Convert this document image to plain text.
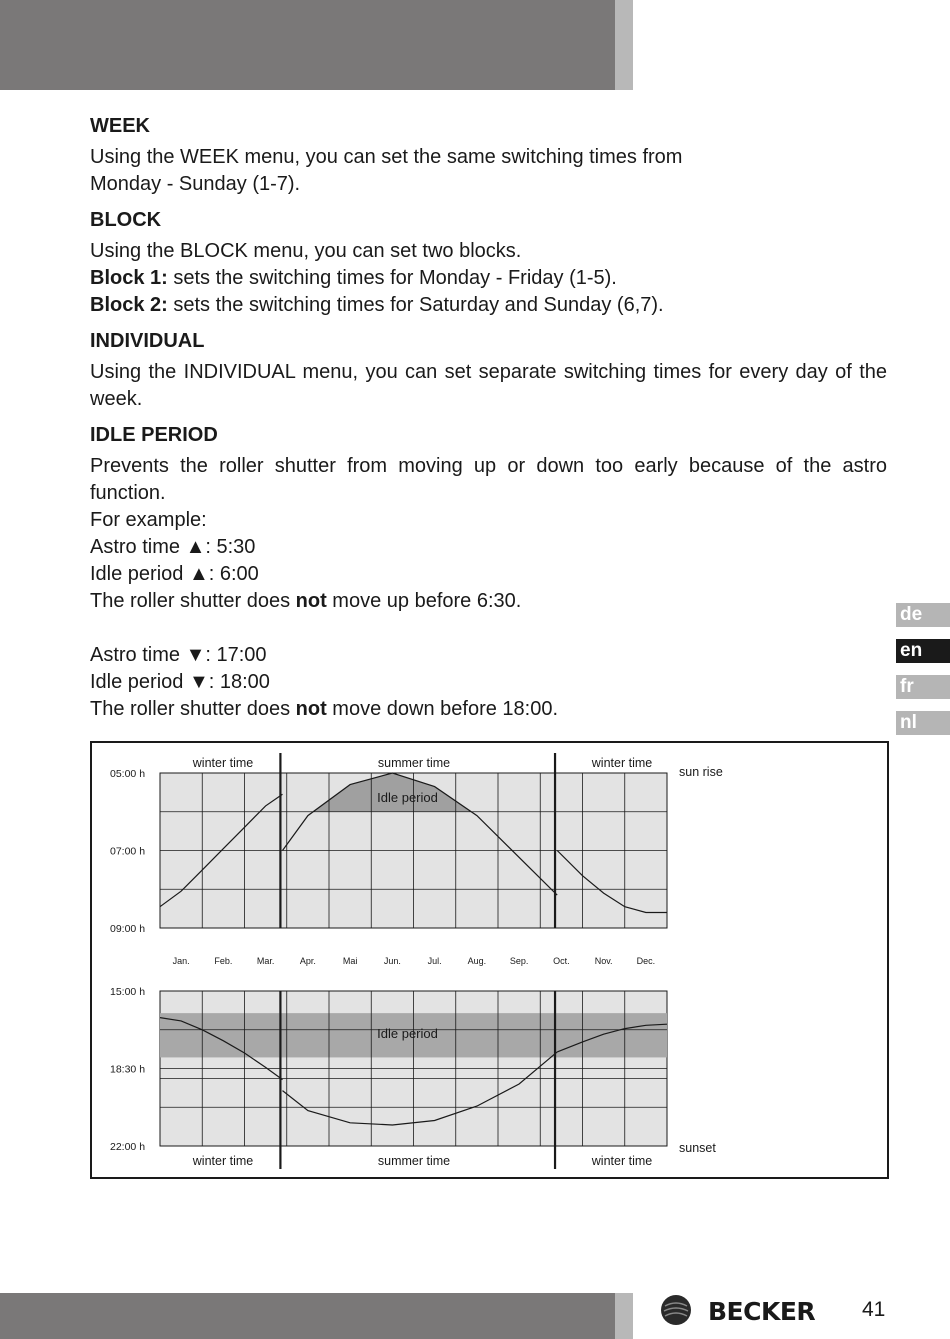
WEEK

Using the WEEK menu, you can set the same switching times from
Monday - Sunday (1-7).

BLOCK

Using the BLOCK menu, you can set two blocks.
Block 1: sets the switching times for Monday - Friday (1-5).
Block 2: sets the switching times for Saturday and Sunday (6,7).

INDIVIDUAL

Using the INDIVIDUAL menu, you can set separate switching times for every day of the week.

IDLE PERIOD

Prevents the roller shutter from moving up or down too early because of the astro function.
For example:
Astro time ▲: 5:30
Idle period ▲: 6:00
The roller shutter does not move up before 6:30.
Astro time ▼: 17:00
Idle period ▼: 18:00
The roller shutter does not move down before 18:00.

de
en
fr
nl
05:00 h
07:00 h
09:00 h
sun rise
Idle period
winter time	summer time	winter time
15:00 h
18:30 h
22:00 h	sunset
Idle period
winter time	summer time	winter time
Jan.	Feb.	Mar.	Apr.	Mai	Jun.	Jul.	Aug.	Sep.	Oct.	Nov.	Dec.
BECKER 41
